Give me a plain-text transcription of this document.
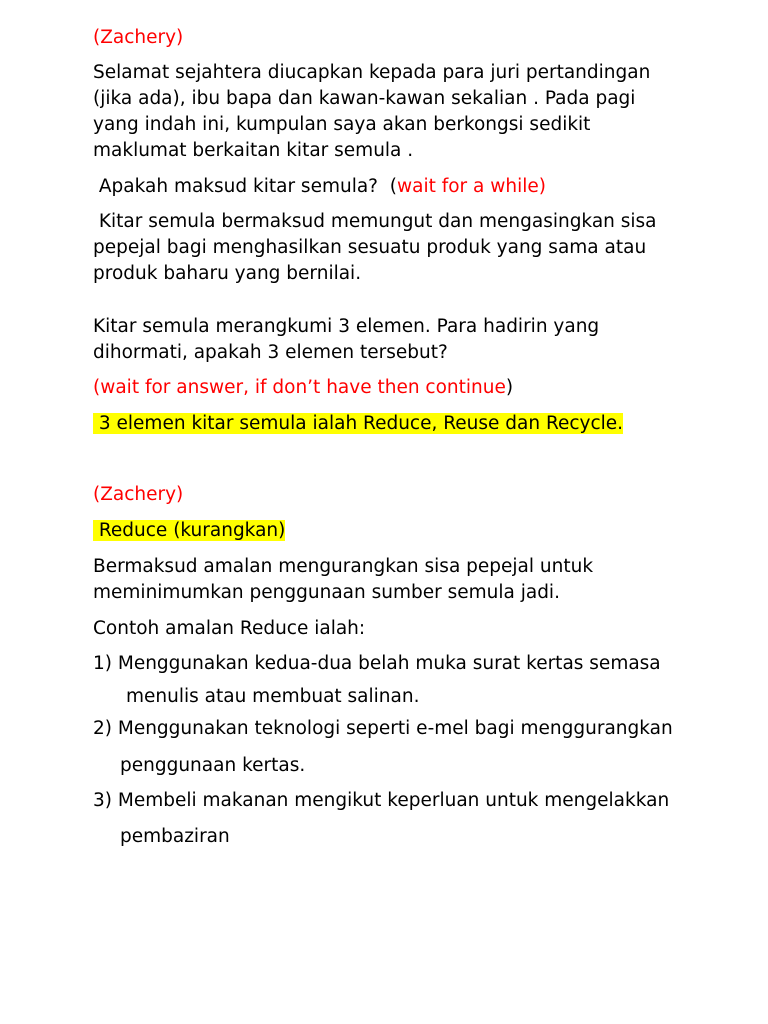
(Zachery)

Selamat sejahtera diucapkan kepada para juri pertandingan

(jika ada), ibu bapa dan kawan-kawan sekalian . Pada pagi

yang indah ini, kumpulan saya akan berkongsi sedikit

maklumat berkaitan kitar semula .

Apakah maksud kitar semula?  (wait for a while)

Kitar semula bermaksud memungut dan mengasingkan sisa

pepejal bagi menghasilkan sesuatu produk yang sama atau

produk baharu yang bernilai.

Kitar semula merangkumi 3 elemen. Para hadirin yang

dihormati, apakah 3 elemen tersebut?

(wait for answer, if don’t have then continue)

3 elemen kitar semula ialah Reduce, Reuse dan Recycle.

(Zachery)

Reduce (kurangkan)

Bermaksud amalan mengurangkan sisa pepejal untuk

meminimumkan penggunaan sumber semula jadi.

Contoh amalan Reduce ialah:

1) Menggunakan kedua-dua belah muka surat kertas semasa

menulis atau membuat salinan.

2) Menggunakan teknologi seperti e-mel bagi menggurangkan

penggunaan kertas.

3) Membeli makanan mengikut keperluan untuk mengelakkan

pembaziran
